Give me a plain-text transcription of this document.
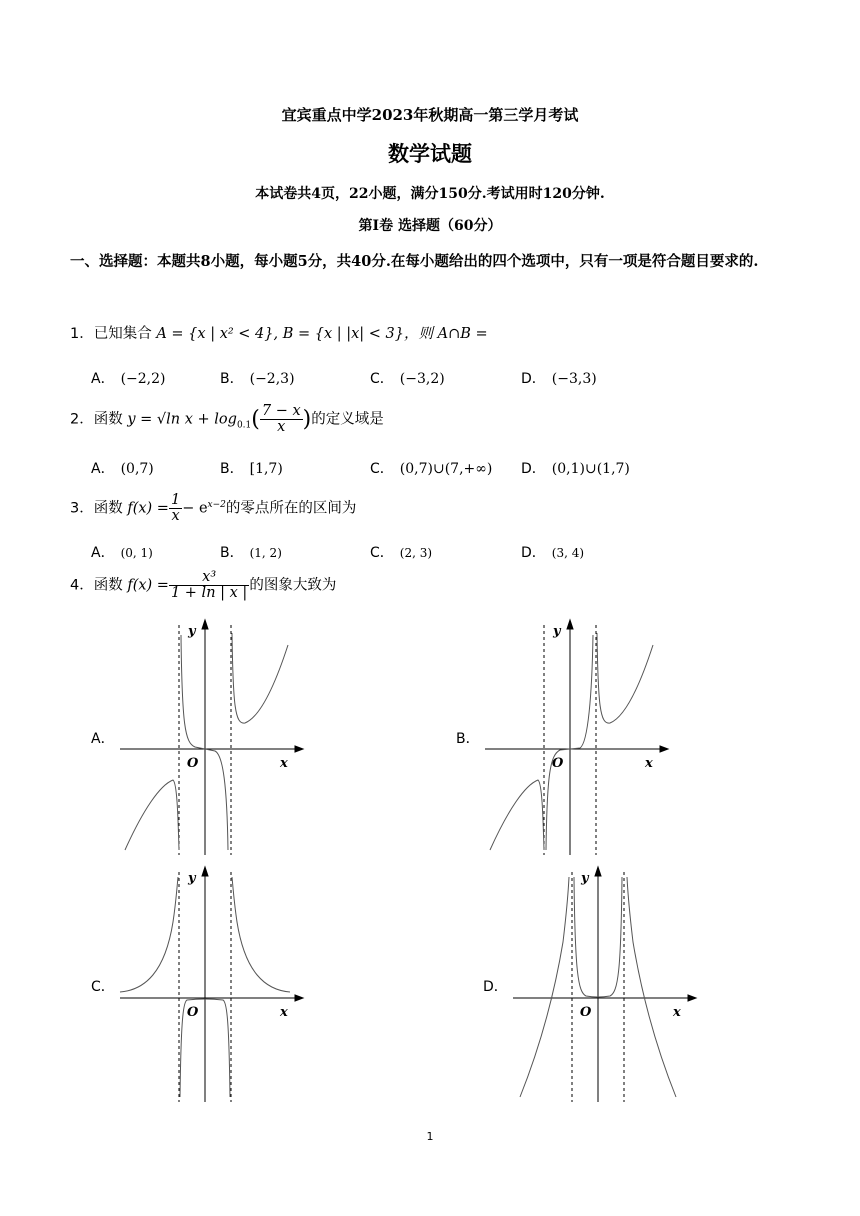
宜宾重点中学2023年秋期高一第三学月考试
数学试题
本试卷共4页，22小题，满分150分.考试用时120分钟.
第I卷 选择题（60分）
一、选择题：本题共8小题，每小题5分，共40分.在每小题给出的四个选项中，只有一项是符合题目要求的.
1．已知集合 A = {x | x² < 4}, B = {x | |x| < 3}，则 A∩B =
A． (−2,2)	B． (−2,3)	C． (−3,2)	D． (−3,3)
2．函数 y = √ln $x + \log_{0.1}( \frac{7 - x}{x}$ )的定义域是
A． (0,7)	B． [1,7)	C． (0,7)∪(7,+∞) D． (0,1)∪(1,7)
3．函数 $f(x) = \frac{1}{x} - e^{x-2}$的零点所在的区间为
A． (0, 1)	B． (1, 2)	C． (2, 3)	D． (3, 4)
4．函数 $f(x) = \frac{\text{x³}}{1 + \ln | x |}$ 的图象大致为
A．	B．
C．	D．
y
x
O
y
x
O
y
x
O
y
x
O
1
